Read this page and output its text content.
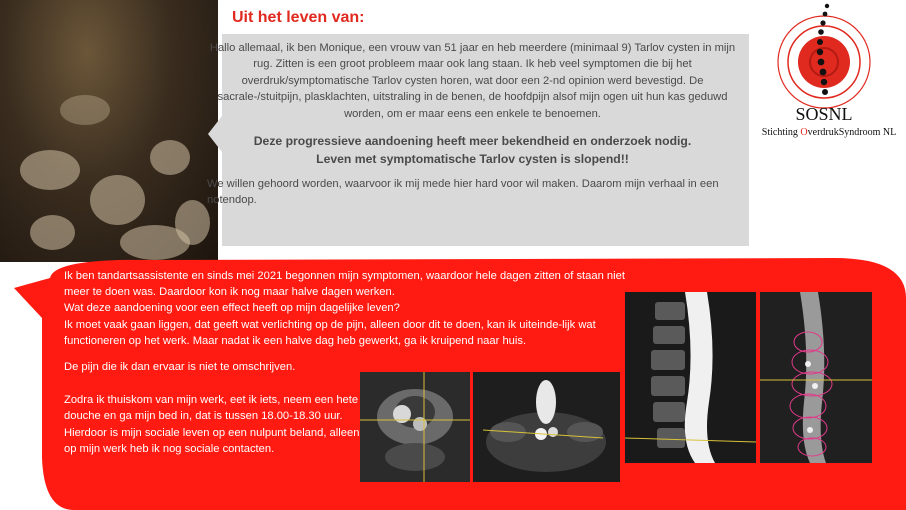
Uit het leven van:

Hallo allemaal, ik ben Monique, een vrouw van 51 jaar en heb meerdere (minimaal 9) Tarlov cysten in mijn rug. Zitten is een groot probleem maar ook lang staan. Ik heb veel symptomen die bij het overdruk/symptomatische Tarlov cysten horen, wat door een 2-nd opinion werd bevestigd. De sacrale-/stuitpijn, plasklachten, uitstraling in de benen, de hoofdpijn alsof mijn ogen uit hun kas geduwd worden, om er maar eens een enkele te benoemen.

Deze progressieve aandoening heeft meer bekendheid en onderzoek nodig.

Leven met symptomatische Tarlov cysten is slopend!!

We willen gehoord worden, waarvoor ik mij mede hier hard voor wil maken. Daarom mijn verhaal in een notendop.

SOSNL
Stichting OverdrukSyndroom NL

Ik ben tandartsassistente en sinds mei 2021 begonnen mijn symptomen, waardoor hele dagen zitten of staan niet meer te doen was. Daardoor kon ik nog maar halve dagen werken.

Wat deze aandoening voor een effect heeft op mijn dagelijke leven?

Ik moet vaak gaan liggen, dat geeft wat verlichting op de pijn, alleen door dit te doen, kan ik uiteinde-lijk wat functioneren op het werk. Maar nadat ik een halve dag heb gewerkt, ga ik kruipend naar huis.

De pijn die ik dan ervaar is niet te omschrijven.

Zodra ik thuiskom van mijn werk, eet ik iets, neem een hete douche en ga mijn bed in, dat is tussen 18.00-18.30 uur. Hierdoor is mijn sociale leven op een nulpunt beland, alleen op mijn werk heb ik nog sociale contacten.
